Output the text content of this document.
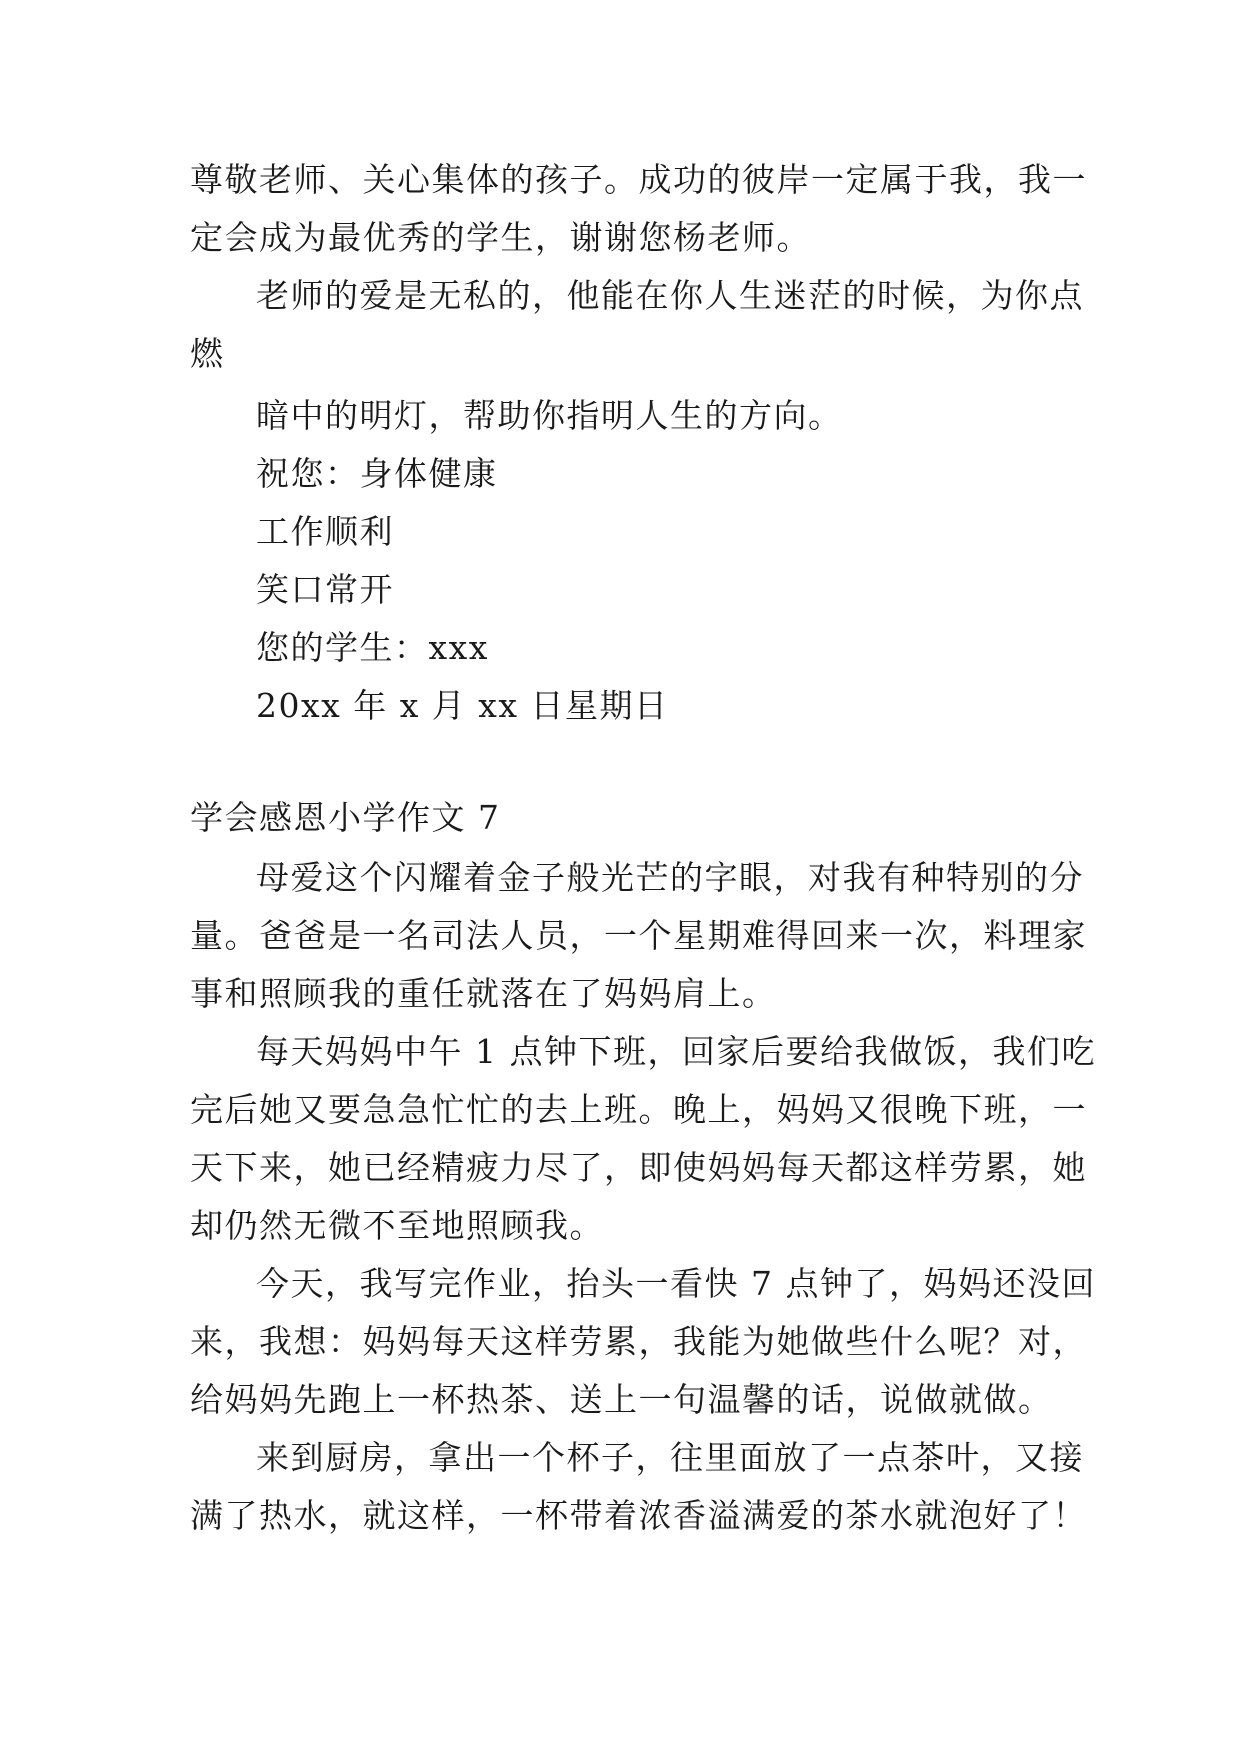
尊敬老师、关心集体的孩子。成功的彼岸一定属于我，我一
定会成为最优秀的学生，谢谢您杨老师。
老师的爱是无私的，他能在你人生迷茫的时候，为你点
燃
暗中的明灯，帮助你指明人生的方向。
祝您：身体健康
工作顺利
笑口常开
您的学生：xxx
20xx 年 x 月 xx 日星期日
学会感恩小学作文 7
母爱这个闪耀着金子般光芒的字眼，对我有种特别的分
量。爸爸是一名司法人员，一个星期难得回来一次，料理家
事和照顾我的重任就落在了妈妈肩上。
每天妈妈中午 1 点钟下班，回家后要给我做饭，我们吃
完后她又要急急忙忙的去上班。晚上，妈妈又很晚下班，一
天下来，她已经精疲力尽了，即使妈妈每天都这样劳累，她
却仍然无微不至地照顾我。
今天，我写完作业，抬头一看快 7 点钟了，妈妈还没回
来，我想：妈妈每天这样劳累，我能为她做些什么呢？对，
给妈妈先跑上一杯热茶、送上一句温馨的话，说做就做。
来到厨房，拿出一个杯子，往里面放了一点茶叶，又接
满了热水，就这样，一杯带着浓香溢满爱的茶水就泡好了！
